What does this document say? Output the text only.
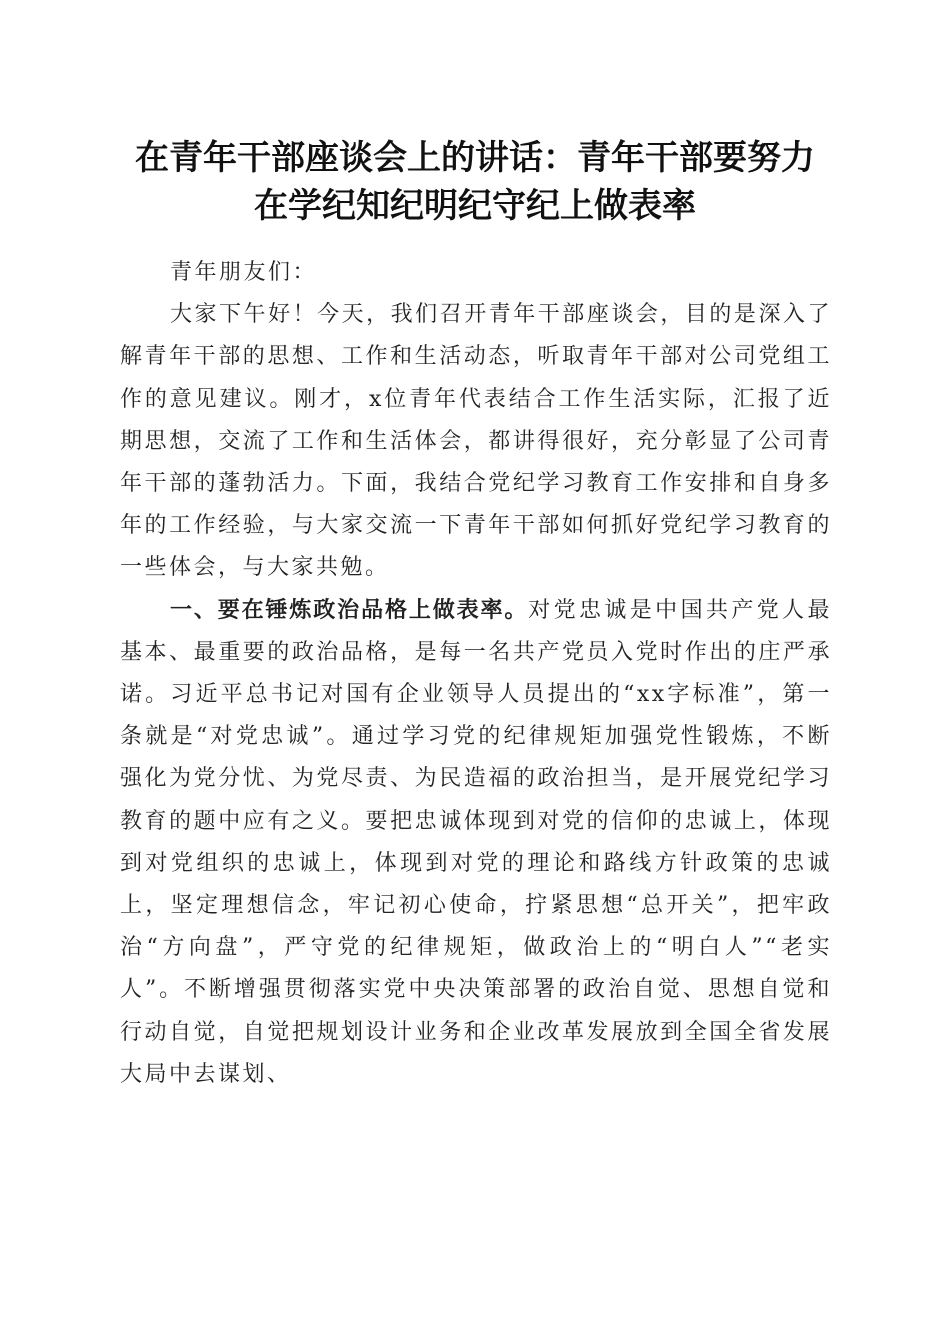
在青年干部座谈会上的讲话：青年干部要努力
在学纪知纪明纪守纪上做表率

青年朋友们：

大家下午好！今天，我们召开青年干部座谈会，目的是深入了解青年干部的思想、工作和生活动态，听取青年干部对公司党组工作的意见建议。刚才，x位青年代表结合工作生活实际，汇报了近期思想，交流了工作和生活体会，都讲得很好，充分彰显了公司青年干部的蓬勃活力。下面，我结合党纪学习教育工作安排和自身多年的工作经验，与大家交流一下青年干部如何抓好党纪学习教育的一些体会，与大家共勉。

一、要在锤炼政治品格上做表率。对党忠诚是中国共产党人最基本、最重要的政治品格，是每一名共产党员入党时作出的庄严承诺。习近平总书记对国有企业领导人员提出的“xx字标准”，第一条就是“对党忠诚”。通过学习党的纪律规矩加强党性锻炼，不断强化为党分忧、为党尽责、为民造福的政治担当，是开展党纪学习教育的题中应有之义。要把忠诚体现到对党的信仰的忠诚上，体现到对党组织的忠诚上，体现到对党的理论和路线方针政策的忠诚上，坚定理想信念，牢记初心使命，拧紧思想“总开关”，把牢政治“方向盘”，严守党的纪律规矩，做政治上的“明白人”“老实人”。不断增强贯彻落实党中央决策部署的政治自觉、思想自觉和行动自觉，自觉把规划设计业务和企业改革发展放到全国全省发展大局中去谋划、
